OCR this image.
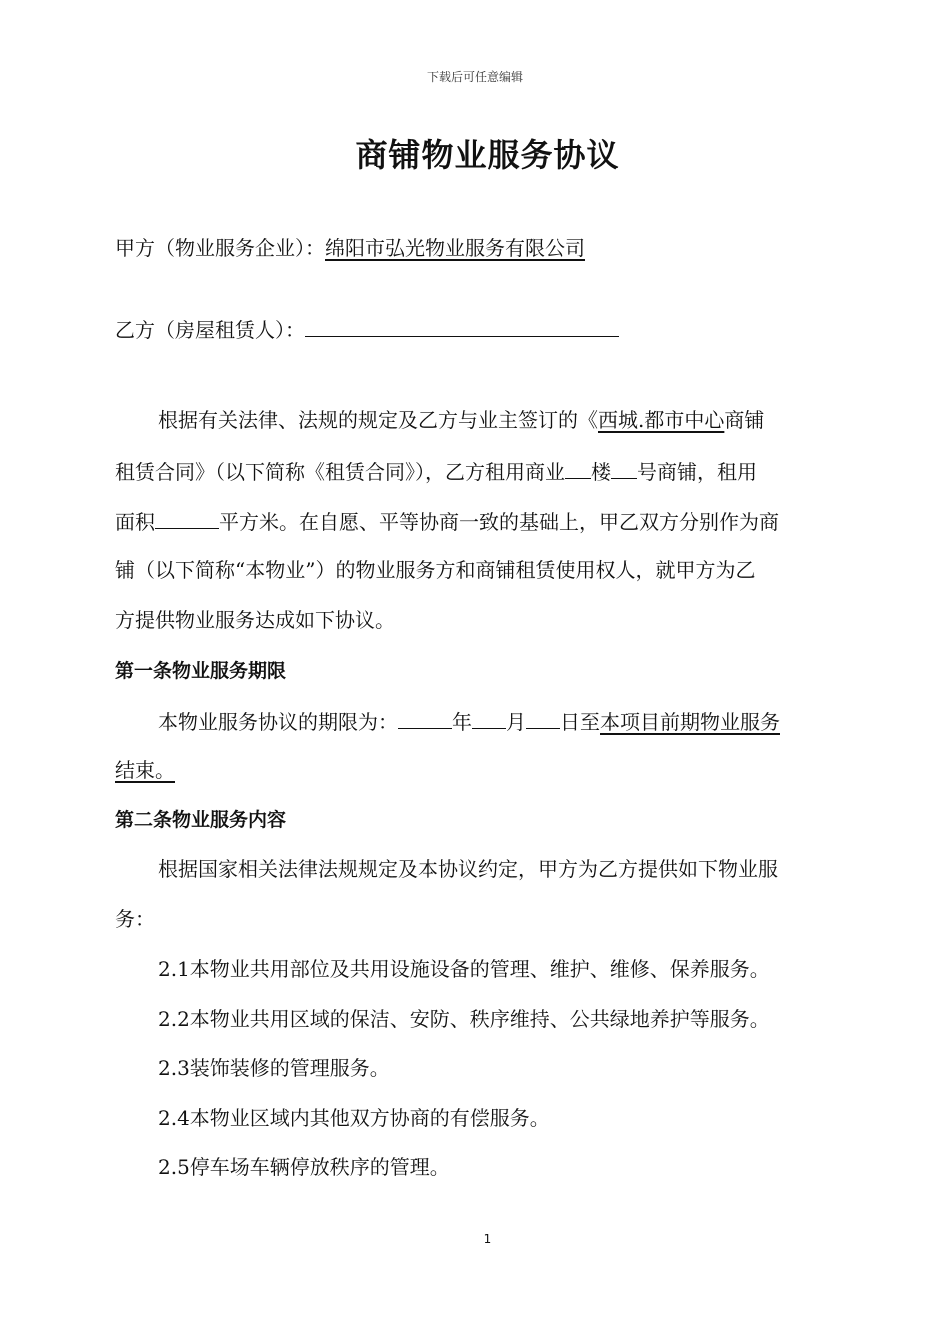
下载后可任意编辑
商铺物业服务协议
甲方（物业服务企业）：绵阳市弘光物业服务有限公司
乙方（房屋租赁人）：
根据有关法律、法规的规定及乙方与业主签订的《西城.都市中心商铺
租赁合同》（以下简称《租赁合同》），乙方租用商业 楼 号商铺，租用
面积	平方米。在自愿、平等协商一致的基础上，甲乙双方分别作为商
铺（以下简称“本物业”）的物业服务方和商铺租赁使用权人，就甲方为乙
方提供物业服务达成如下协议。
第一条物业服务期限
本物业服务协议的期限为：	年 月 日至本项目前期物业服务
结束。
第二条物业服务内容
根据国家相关法律法规规定及本协议约定，甲方为乙方提供如下物业服
务：
2.1本物业共用部位及共用设施设备的管理、维护、维修、保养服务。
2.2本物业共用区域的保洁、安防、秩序维持、公共绿地养护等服务。
2.3装饰装修的管理服务。
2.4本物业区域内其他双方协商的有偿服务。
2.5停车场车辆停放秩序的管理。
1
